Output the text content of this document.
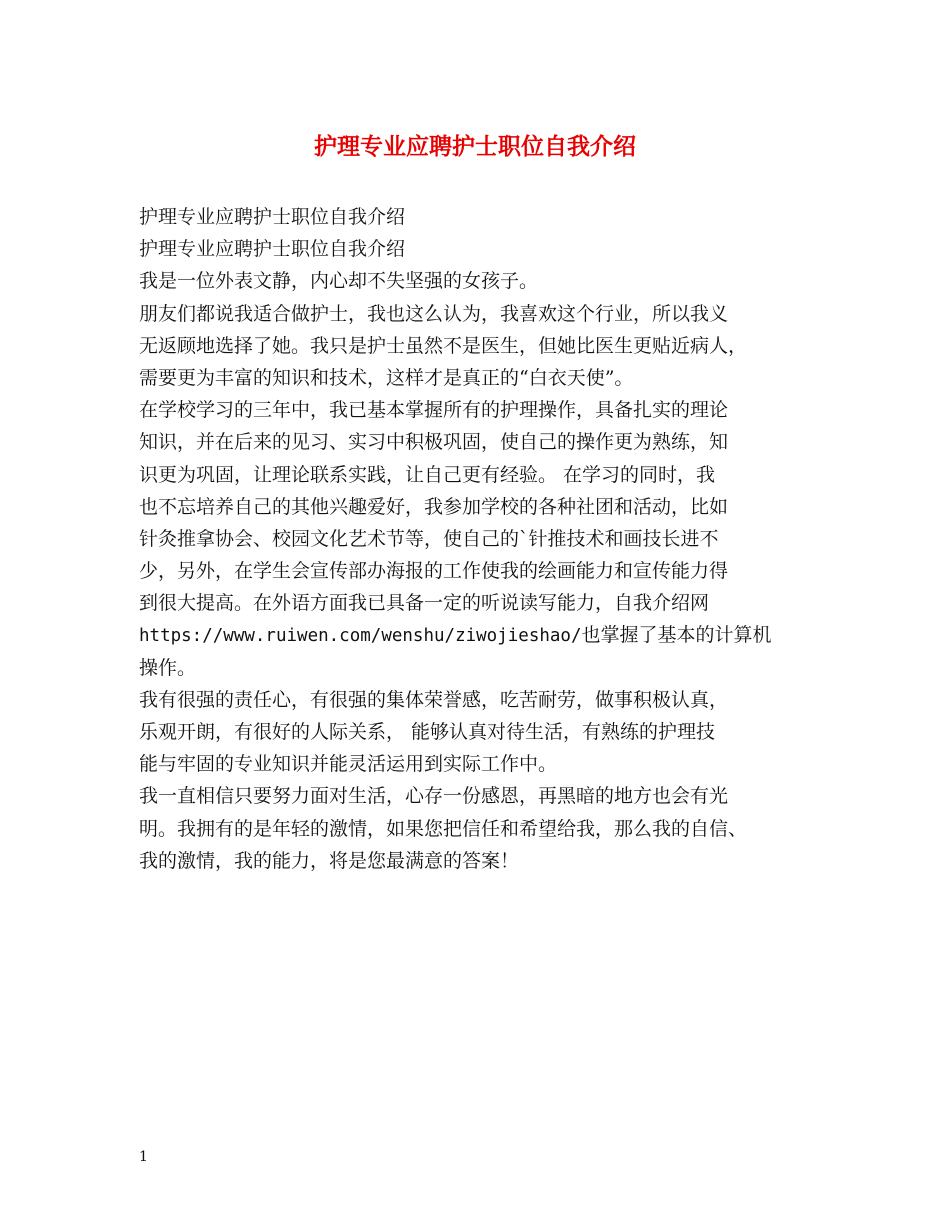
护理专业应聘护士职位自我介绍
护理专业应聘护士职位自我介绍
护理专业应聘护士职位自我介绍
我是一位外表文静，内心却不失坚强的女孩子。
朋友们都说我适合做护士，我也这么认为，我喜欢这个行业，所以我义
无返顾地选择了她。我只是护士虽然不是医生，但她比医生更贴近病人，
需要更为丰富的知识和技术，这样才是真正的“白衣天使”。
在学校学习的三年中，我已基本掌握所有的护理操作，具备扎实的理论
知识，并在后来的见习、实习中积极巩固，使自己的操作更为熟练，知
识更为巩固，让理论联系实践，让自己更有经验。 在学习的同时，我
也不忘培养自己的其他兴趣爱好，我参加学校的各种社团和活动，比如
针灸推拿协会、校园文化艺术节等，使自己的`针推技术和画技长进不
少，另外，在学生会宣传部办海报的工作使我的绘画能力和宣传能力得
到很大提高。在外语方面我已具备一定的听说读写能力，自我介绍网
https://www.ruiwen.com/wenshu/ziwojieshao/也掌握了基本的计算机
操作。
我有很强的责任心，有很强的集体荣誉感，吃苦耐劳，做事积极认真，
乐观开朗，有很好的人际关系， 能够认真对待生活，有熟练的护理技
能与牢固的专业知识并能灵活运用到实际工作中。
我一直相信只要努力面对生活，心存一份感恩，再黑暗的地方也会有光
明。我拥有的是年轻的激情，如果您把信任和希望给我，那么我的自信、
我的激情，我的能力，将是您最满意的答案！
1
